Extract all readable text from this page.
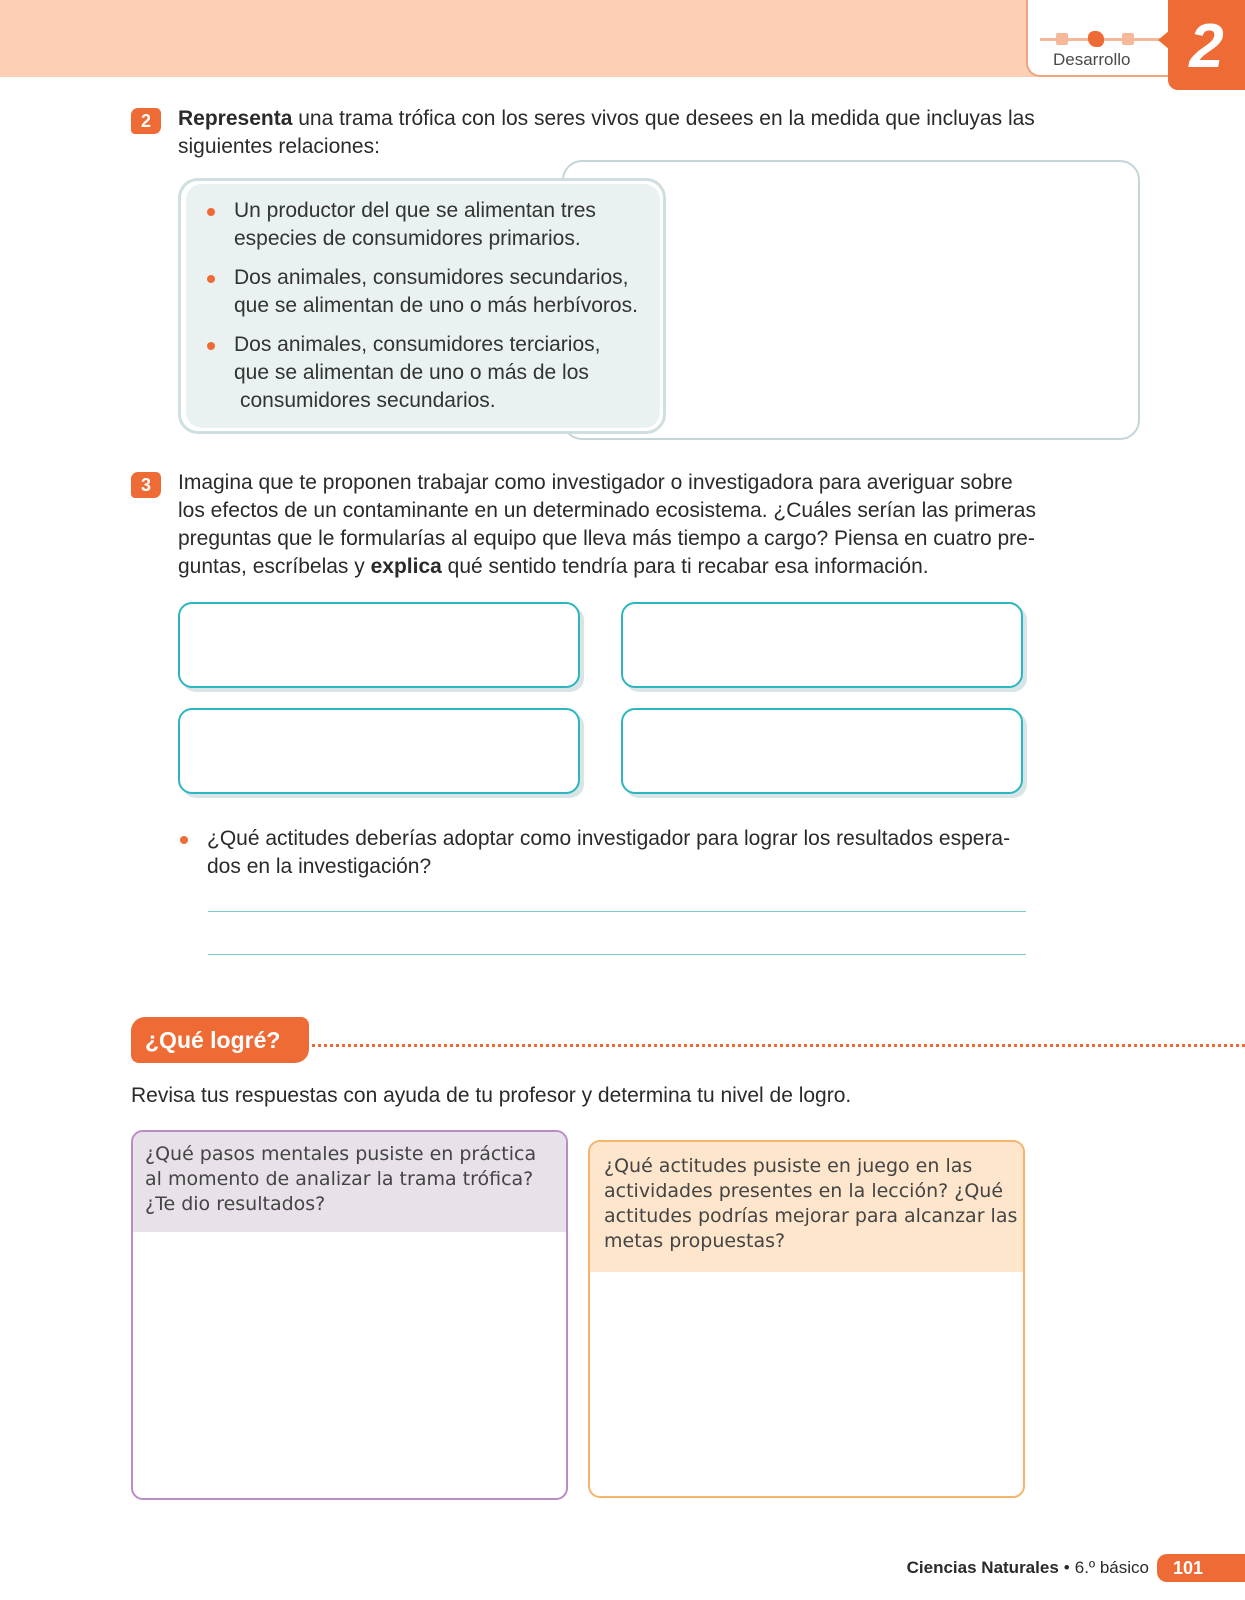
Desarrollo 2
2	Representa una trama trófica con los seres vivos que desees en la medida que incluyas las
siguientes relaciones:
Un productor del que se alimentan tres
especies de consumidores primarios.
Dos animales, consumidores secundarios,
que se alimentan de uno o más herbívoros.
Dos animales, consumidores terciarios,
que se alimentan de uno o más de los
consumidores secundarios.
3	Imagina que te proponen trabajar como investigador o investigadora para averiguar sobre
los efectos de un contaminante en un determinado ecosistema. ¿Cuáles serían las primeras
preguntas que le formularías al equipo que lleva más tiempo a cargo? Piensa en cuatro pre-
guntas, escríbelas y explica qué sentido tendría para ti recabar esa información.
¿Qué actitudes deberías adoptar como investigador para lograr los resultados espera-
dos en la investigación?
¿Qué logré?
Revisa tus respuestas con ayuda de tu profesor y determina tu nivel de logro.
¿Qué pasos mentales pusiste en práctica
al momento de analizar la trama trófica?
¿Te dio resultados?
¿Qué actitudes pusiste en juego en las
actividades presentes en la lección? ¿Qué
actitudes podrías mejorar para alcanzar las
metas propuestas?
Ciencias Naturales • 6.º básico	101
